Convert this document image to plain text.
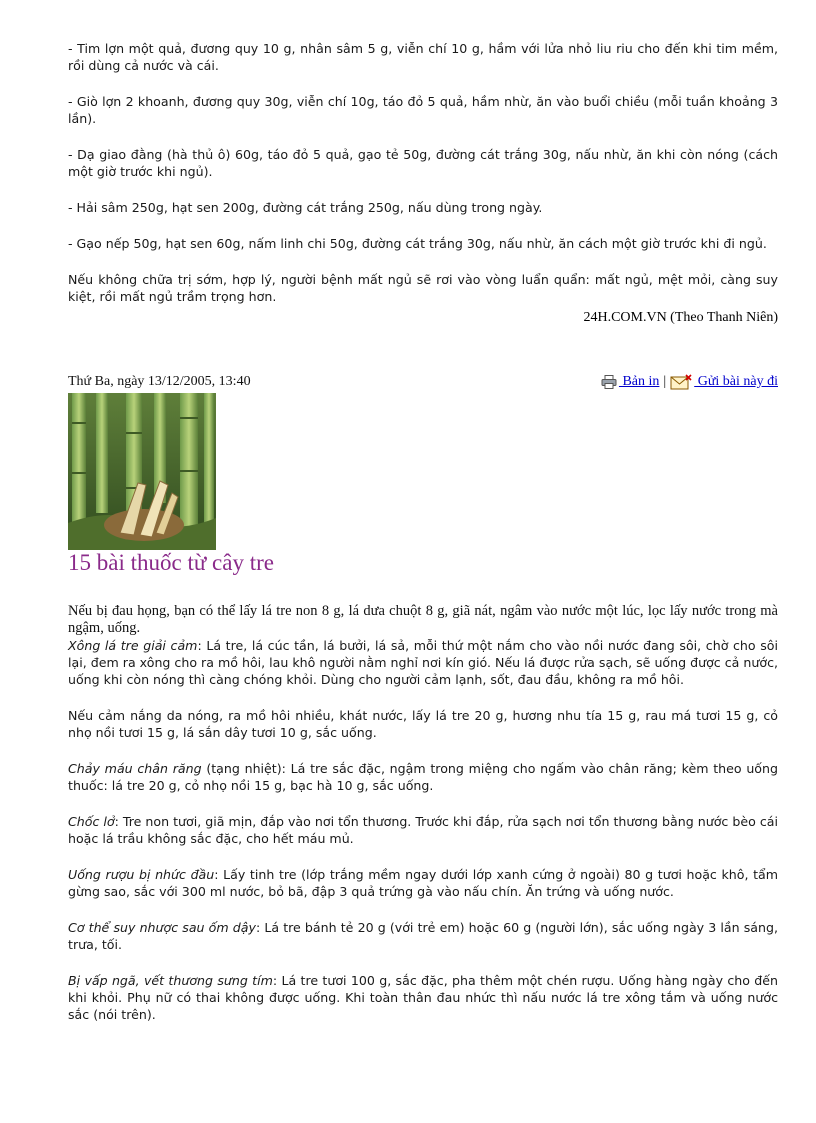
- Tim lợn một quả, đương quy 10 g, nhân sâm 5 g, viễn chí 10 g, hầm với lửa nhỏ liu riu cho đến khi tim mềm, rồi dùng cả nước và cái.

- Giò lợn 2 khoanh, đương quy 30g, viễn chí 10g, táo đỏ 5 quả, hầm nhừ, ăn vào buổi chiều (mỗi tuần khoảng 3 lần).

- Dạ giao đằng (hà thủ ô) 60g, táo đỏ 5 quả, gạo tẻ 50g, đường cát trắng 30g, nấu nhừ, ăn khi còn nóng (cách một giờ trước khi ngủ).

- Hải sâm 250g, hạt sen 200g, đường cát trắng 250g, nấu dùng trong ngày.

- Gạo nếp 50g, hạt sen 60g, nấm linh chi 50g, đường cát trắng 30g, nấu nhừ, ăn cách một giờ trước khi đi ngủ.

Nếu không chữa trị sớm, hợp lý, người bệnh mất ngủ sẽ rơi vào vòng luẩn quẩn: mất ngủ, mệt mỏi, càng suy kiệt, rồi mất ngủ trầm trọng hơn.

24H.COM.VN (Theo Thanh Niên)
Thứ Ba, ngày 13/12/2005, 13:40	Bản in |	Gửi bài này đi
15 bài thuốc từ cây tre

Nếu bị đau họng, bạn có thể lấy lá tre non 8 g, lá dưa chuột 8 g, giã nát, ngâm vào nước một lúc, lọc lấy nước trong mà ngậm, uống.

Xông lá tre giải cảm: Lá tre, lá cúc tần, lá bưởi, lá sả, mỗi thứ một nắm cho vào nồi nước đang sôi, chờ cho sôi lại, đem ra xông cho ra mồ hôi, lau khô người nằm nghỉ nơi kín gió. Nếu lá được rửa sạch, sẽ uống được cả nước, uống khi còn nóng thì càng chóng khỏi. Dùng cho người cảm lạnh, sốt, đau đầu, không ra mồ hôi.

Nếu cảm nắng da nóng, ra mồ hôi nhiều, khát nước, lấy lá tre 20 g, hương nhu tía 15 g, rau má tươi 15 g, cỏ nhọ nồi tươi 15 g, lá sắn dây tươi 10 g, sắc uống.

Chảy máu chân răng (tạng nhiệt): Lá tre sắc đặc, ngậm trong miệng cho ngấm vào chân răng; kèm theo uống thuốc: lá tre 20 g, cỏ nhọ nồi 15 g, bạc hà 10 g, sắc uống.

Chốc lở: Tre non tươi, giã mịn, đắp vào nơi tổn thương. Trước khi đắp, rửa sạch nơi tổn thương bằng nước bèo cái hoặc lá trầu không sắc đặc, cho hết máu mủ.

Uống rượu bị nhức đầu: Lấy tinh tre (lớp trắng mềm ngay dưới lớp xanh cứng ở ngoài) 80 g tươi hoặc khô, tẩm gừng sao, sắc với 300 ml nước, bỏ bã, đập 3 quả trứng gà vào nấu chín. Ăn trứng và uống nước.

Cơ thể suy nhược sau ốm dậy: Lá tre bánh tẻ 20 g (với trẻ em) hoặc 60 g (người lớn), sắc uống ngày 3 lần sáng, trưa, tối.

Bị vấp ngã, vết thương sưng tím: Lá tre tươi 100 g, sắc đặc, pha thêm một chén rượu. Uống hàng ngày cho đến khi khỏi. Phụ nữ có thai không được uống. Khi toàn thân đau nhức thì nấu nước lá tre xông tắm và uống nước sắc (nói trên).
